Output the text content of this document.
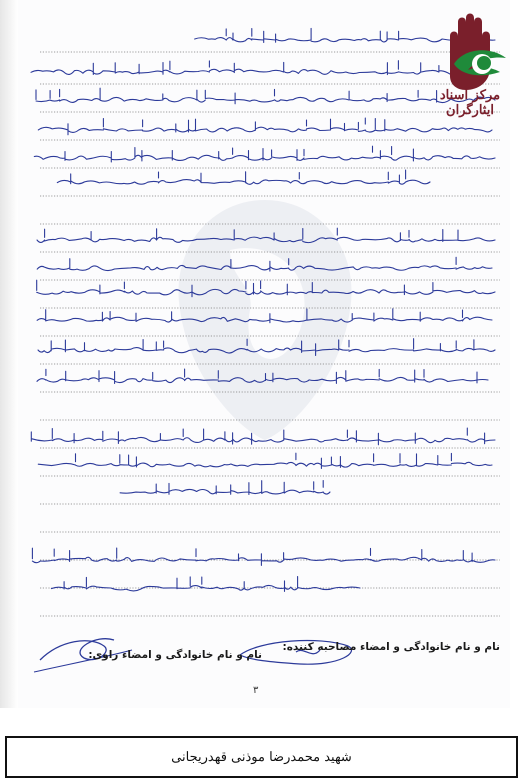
مرکز اسناد ایثارگران
نام و نام خانوادگی و امضاء مصاحبه کننده:
نام و نام خانوادگی و امضاء راوی:
۳
شهید محمدرضا موذنی قهدریجانی
